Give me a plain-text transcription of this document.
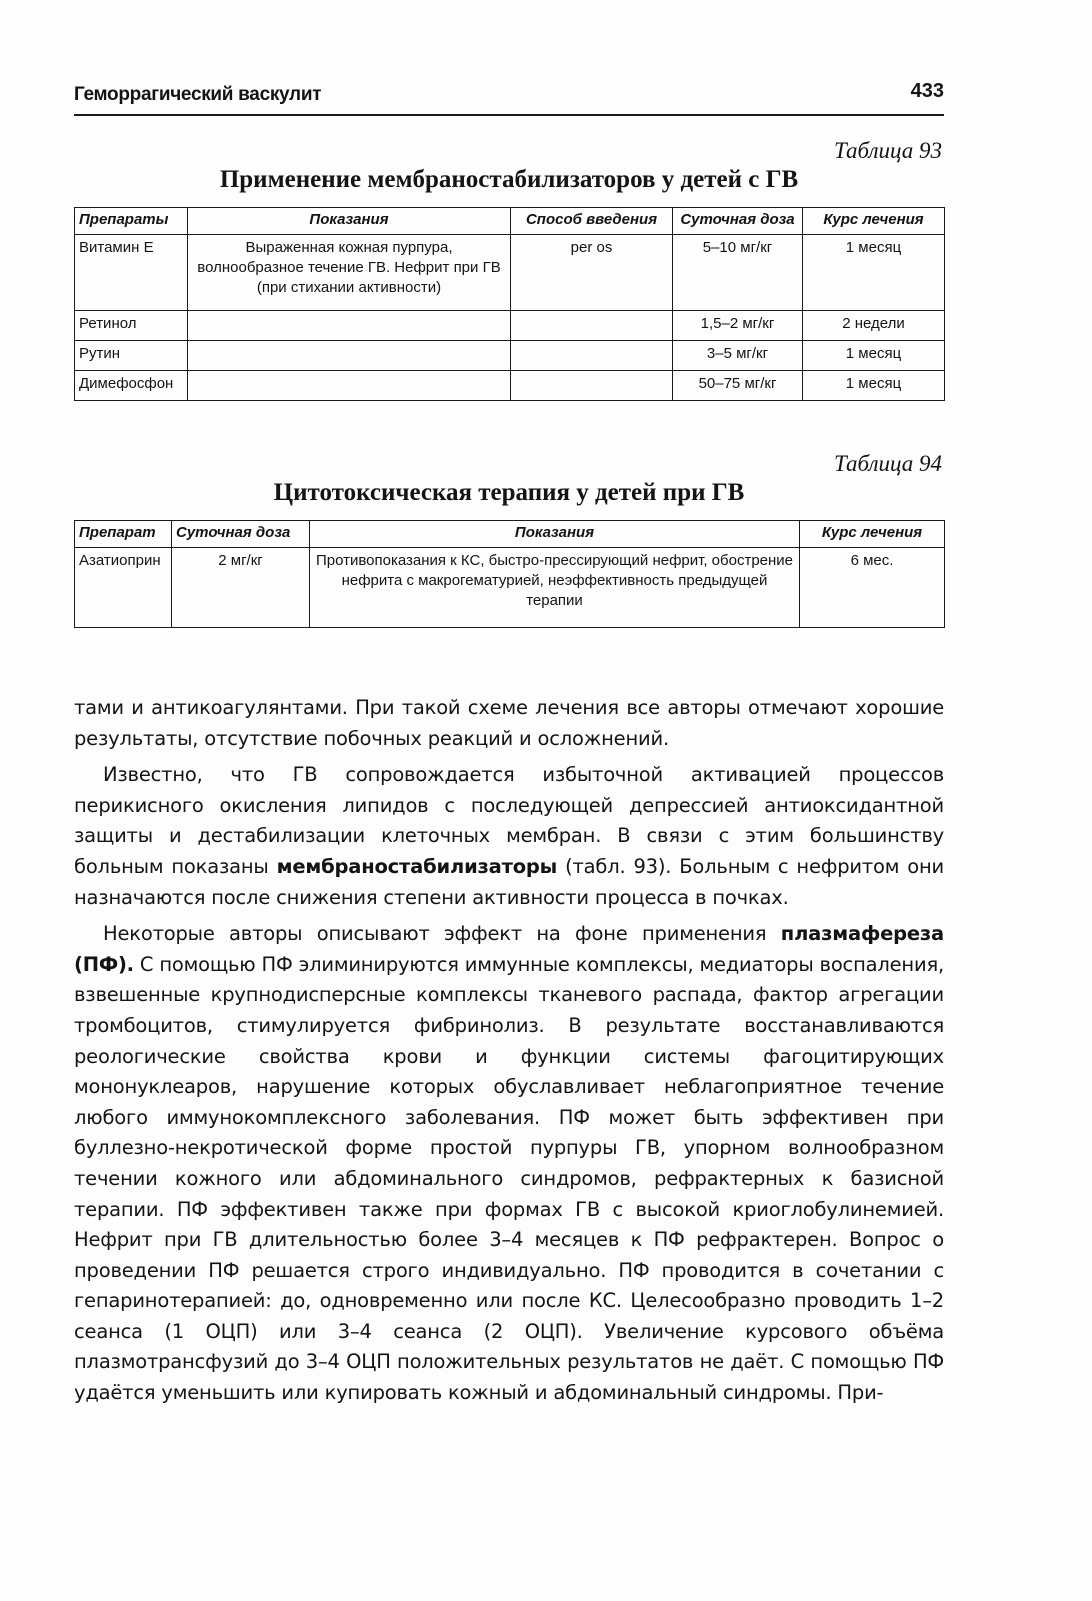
Геморрагический васкулит	433
Таблица 93
Применение мембраностабилизаторов у детей с ГВ
Препараты	Показания	Способ введения	Суточная доза	Курс лечения
Витамин Е	Выраженная кожная пурпура, волнообразное течение ГВ. Нефрит при ГВ (при стихании активности)	per os	5–10 мг/кг	1 месяц
Ретинол			1,5–2 мг/кг	2 недели
Рутин			3–5 мг/кг	1 месяц
Димефосфон			50–75 мг/кг	1 месяц
Таблица 94
Цитотоксическая терапия у детей при ГВ
Препарат	Суточная доза	Показания	Курс лечения
Азатиоприн	2 мг/кг	Противопоказания к КС, быстро-прессирующий нефрит, обострение нефрита с макрогематурией, неэффективность предыдущей терапии	6 мес.

тами и антикоагулянтами. При такой схеме лечения все авторы отмечают хорошие результаты, отсутствие побочных реакций и осложнений.

Известно, что ГВ сопровождается избыточной активацией процессов перикисного окисления липидов с последующей депрессией антиоксидантной защиты и дестабилизации клеточных мембран. В связи с этим большинству больным показаны мембраностабилизаторы (табл. 93). Больным с нефритом они назначаются после снижения степени активности процесса в почках.

Некоторые авторы описывают эффект на фоне применения плазмафереза (ПФ). С помощью ПФ элиминируются иммунные комплексы, медиаторы воспаления, взвешенные крупнодисперсные комплексы тканевого распада, фактор агрегации тромбоцитов, стимулируется фибринолиз. В результате восстанавливаются реологические свойства крови и функции системы фагоцитирующих мононуклеаров, нарушение которых обуславливает неблагоприятное течение любого иммунокомплексного заболевания. ПФ может быть эффективен при буллезно-некротической форме простой пурпуры ГВ, упорном волнообразном течении кожного или абдоминального синдромов, рефрактерных к базисной терапии. ПФ эффективен также при формах ГВ с высокой криоглобулинемией. Нефрит при ГВ длительностью более 3–4 месяцев к ПФ рефрактерен. Вопрос о проведении ПФ решается строго индивидуально. ПФ проводится в сочетании с гепаринотерапией: до, одновременно или после КС. Целесообразно проводить 1–2 сеанса (1 ОЦП) или 3–4 сеанса (2 ОЦП). Увеличение курсового объёма плазмотрансфузий до 3–4 ОЦП положительных результатов не даёт. С помощью ПФ удаётся уменьшить или купировать кожный и абдоминальный синдромы. При-
